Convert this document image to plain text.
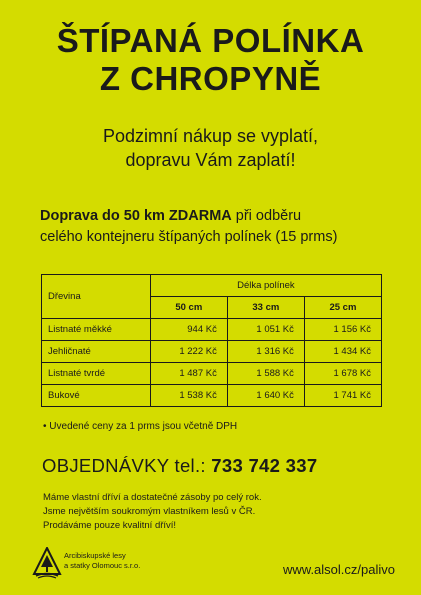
ŠTÍPANÁ POLÍNKA
Z CHROPYNĚ
Podzimní nákup se vyplatí,
dopravu Vám zaplatí!
Doprava do 50 km ZDARMA při odběru
celého kontejneru štípaných polínek (15 prms)
Dřevina	Délka polínek		
	50 cm	33 cm	25 cm
Listnaté měkké	944 Kč	1 051 Kč	1 156 Kč
Jehličnaté	1 222 Kč	1 316 Kč	1 434 Kč
Listnaté tvrdé	1 487 Kč	1 588 Kč	1 678 Kč
Bukové	1 538 Kč	1 640 Kč	1 741 Kč
• Uvedené ceny za 1 prms jsou včetně DPH
OBJEDNÁVKY tel.: 733 742 337
Máme vlastní dříví a dostatečné zásoby po celý rok.
Jsme největším soukromým vlastníkem lesů v ČR.
Prodáváme pouze kvalitní dříví!
Arcibiskupské lesy
a statky Olomouc s.r.o.	www.alsol.cz/palivo
